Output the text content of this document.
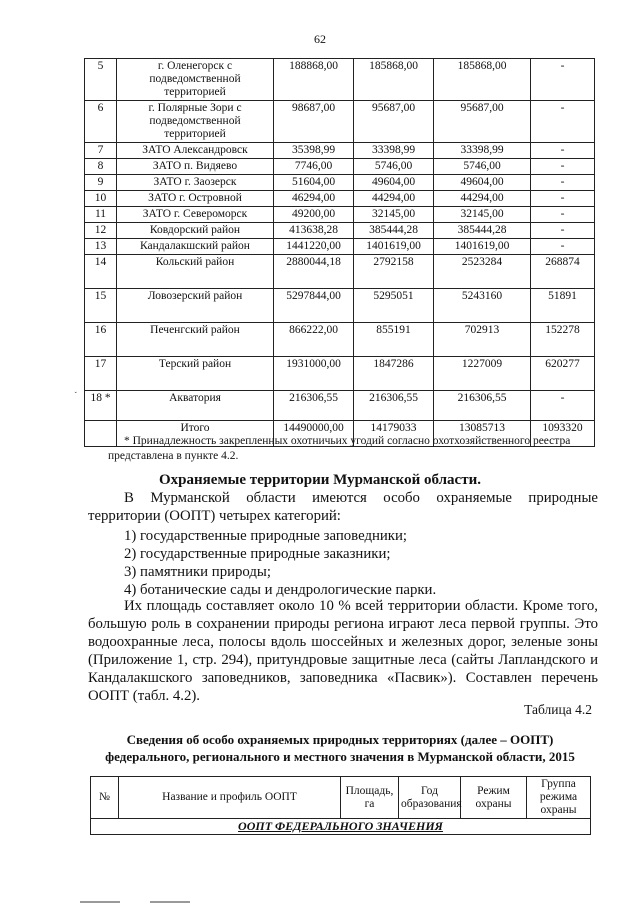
62
5	г. Оленегорск с подведомственной территорией	188868,00	185868,00	185868,00	-
6	г. Полярные Зори с подведомственной территорией	98687,00	95687,00	95687,00	-
7	ЗАТО Александровск	35398,99	33398,99	33398,99	-
8	ЗАТО п. Видяево	7746,00	5746,00	5746,00	-
9	ЗАТО г. Заозерск	51604,00	49604,00	49604,00	-
10	ЗАТО г. Островной	46294,00	44294,00	44294,00	-
11	ЗАТО г. Североморск	49200,00	32145,00	32145,00	-
12	Ковдорский район	413638,28	385444,28	385444,28	-
13	Кандалакшский район	1441220,00	1401619,00	1401619,00	-
14	Кольский район	2880044,18	2792158	2523284	268874
15	Ловозерский район	5297844,00	5295051	5243160	51891
16	Печенгский район	866222,00	855191	702913	152278
17	Терский район	1931000,00	1847286	1227009	620277
18 *	Акватория	216306,55	216306,55	216306,55	-
	Итого	14490000,00	14179033	13085713	1093320
˯
* Принадлежность закрепленных охотничьих угодий согласно охотхозяйственного реестра представлена в пункте 4.2.
Охраняемые территории Мурманской области.
В Мурманской области имеются особо охраняемые природные
территории (ООПТ) четырех категорий:
1) государственные природные заповедники;
2) государственные природные заказники;
3) памятники природы;
4) ботанические сады и дендрологические парки.
Их площадь составляет около 10 % всей территории области. Кроме того, большую роль в сохранении природы региона играют леса первой группы. Это водоохранные леса, полосы вдоль шоссейных и железных дорог, зеленые зоны (Приложение 1, стр. 294), притундровые защитные леса (сайты Лапландского и Кандалакшского заповедников, заповедника «Пасвик»). Составлен перечень ООПТ (табл. 4.2).
Таблица 4.2
Сведения об особо охраняемых природных территориях (далее – ООПТ)
федерального, регионального и местного значения в Мурманской области, 2015
№	Название и профиль ООПТ	Площадь, га	Год образования	Режим охраны	Группа режима охраны
ООПТ ФЕДЕРАЛЬНОГО ЗНАЧЕНИЯ
